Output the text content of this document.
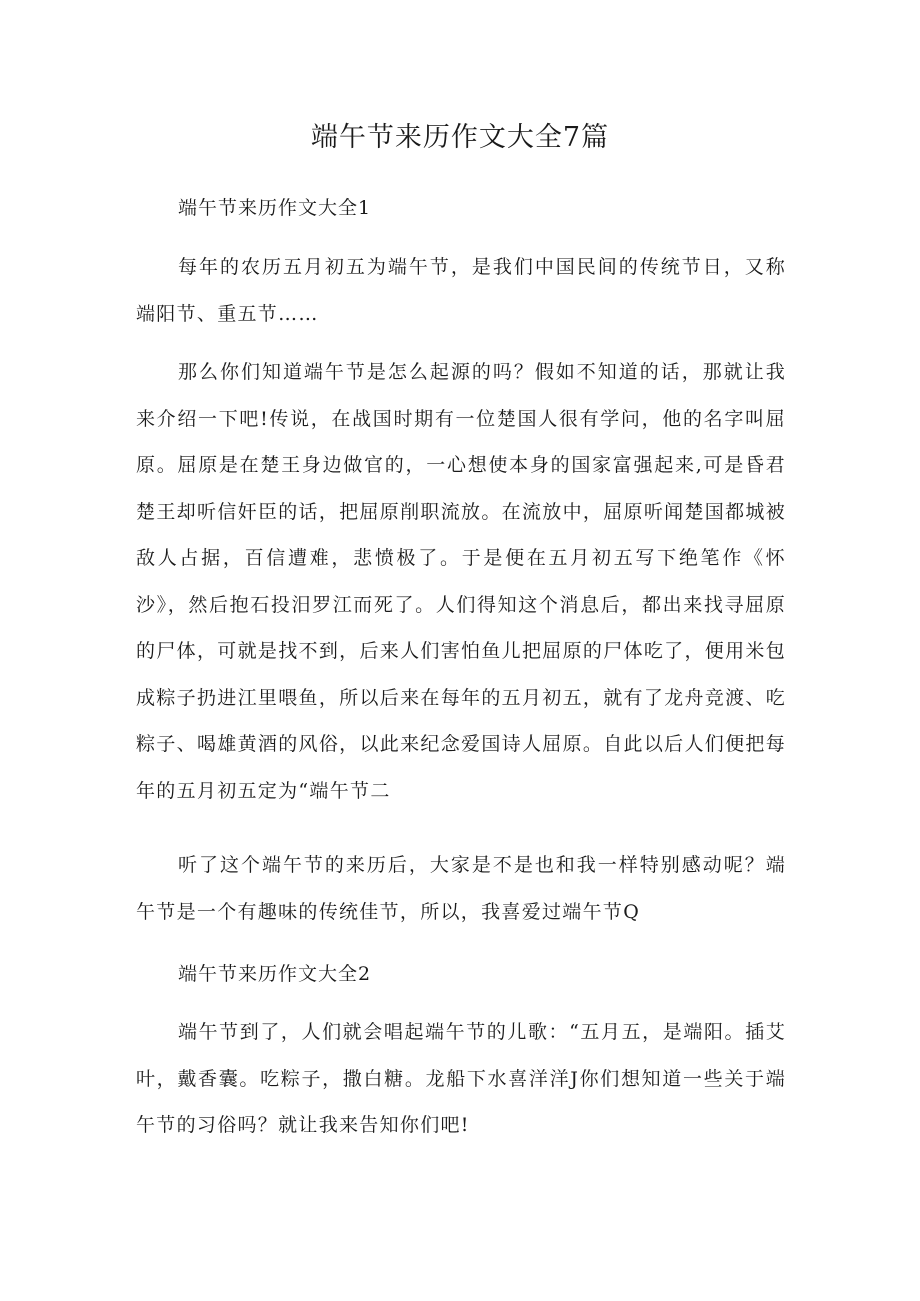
端午节来历作文大全7篇
端午节来历作文大全1

每年的农历五月初五为端午节，是我们中国民间的传统节日，又称端阳节、重五节……

那么你们知道端午节是怎么起源的吗？假如不知道的话，那就让我来介绍一下吧!传说，在战国时期有一位楚国人很有学问，他的名字叫屈原。屈原是在楚王身边做官的，一心想使本身的国家富强起来,可是昏君楚王却听信奸臣的话，把屈原削职流放。在流放中，屈原听闻楚国都城被敌人占据，百信遭难，悲愤极了。于是便在五月初五写下绝笔作《怀沙》，然后抱石投汨罗江而死了。人们得知这个消息后，都出来找寻屈原的尸体，可就是找不到，后来人们害怕鱼儿把屈原的尸体吃了，便用米包成粽子扔进江里喂鱼，所以后来在每年的五月初五，就有了龙舟竞渡、吃粽子、喝雄黄酒的风俗，以此来纪念爱国诗人屈原。自此以后人们便把每年的五月初五定为“端午节二

听了这个端午节的来历后，大家是不是也和我一样特别感动呢？端午节是一个有趣味的传统佳节，所以，我喜爱过端午节Q

端午节来历作文大全2

端午节到了，人们就会唱起端午节的儿歌：“五月五，是端阳。插艾叶，戴香囊。吃粽子，撒白糖。龙船下水喜洋洋J你们想知道一些关于端午节的习俗吗？就让我来告知你们吧!
